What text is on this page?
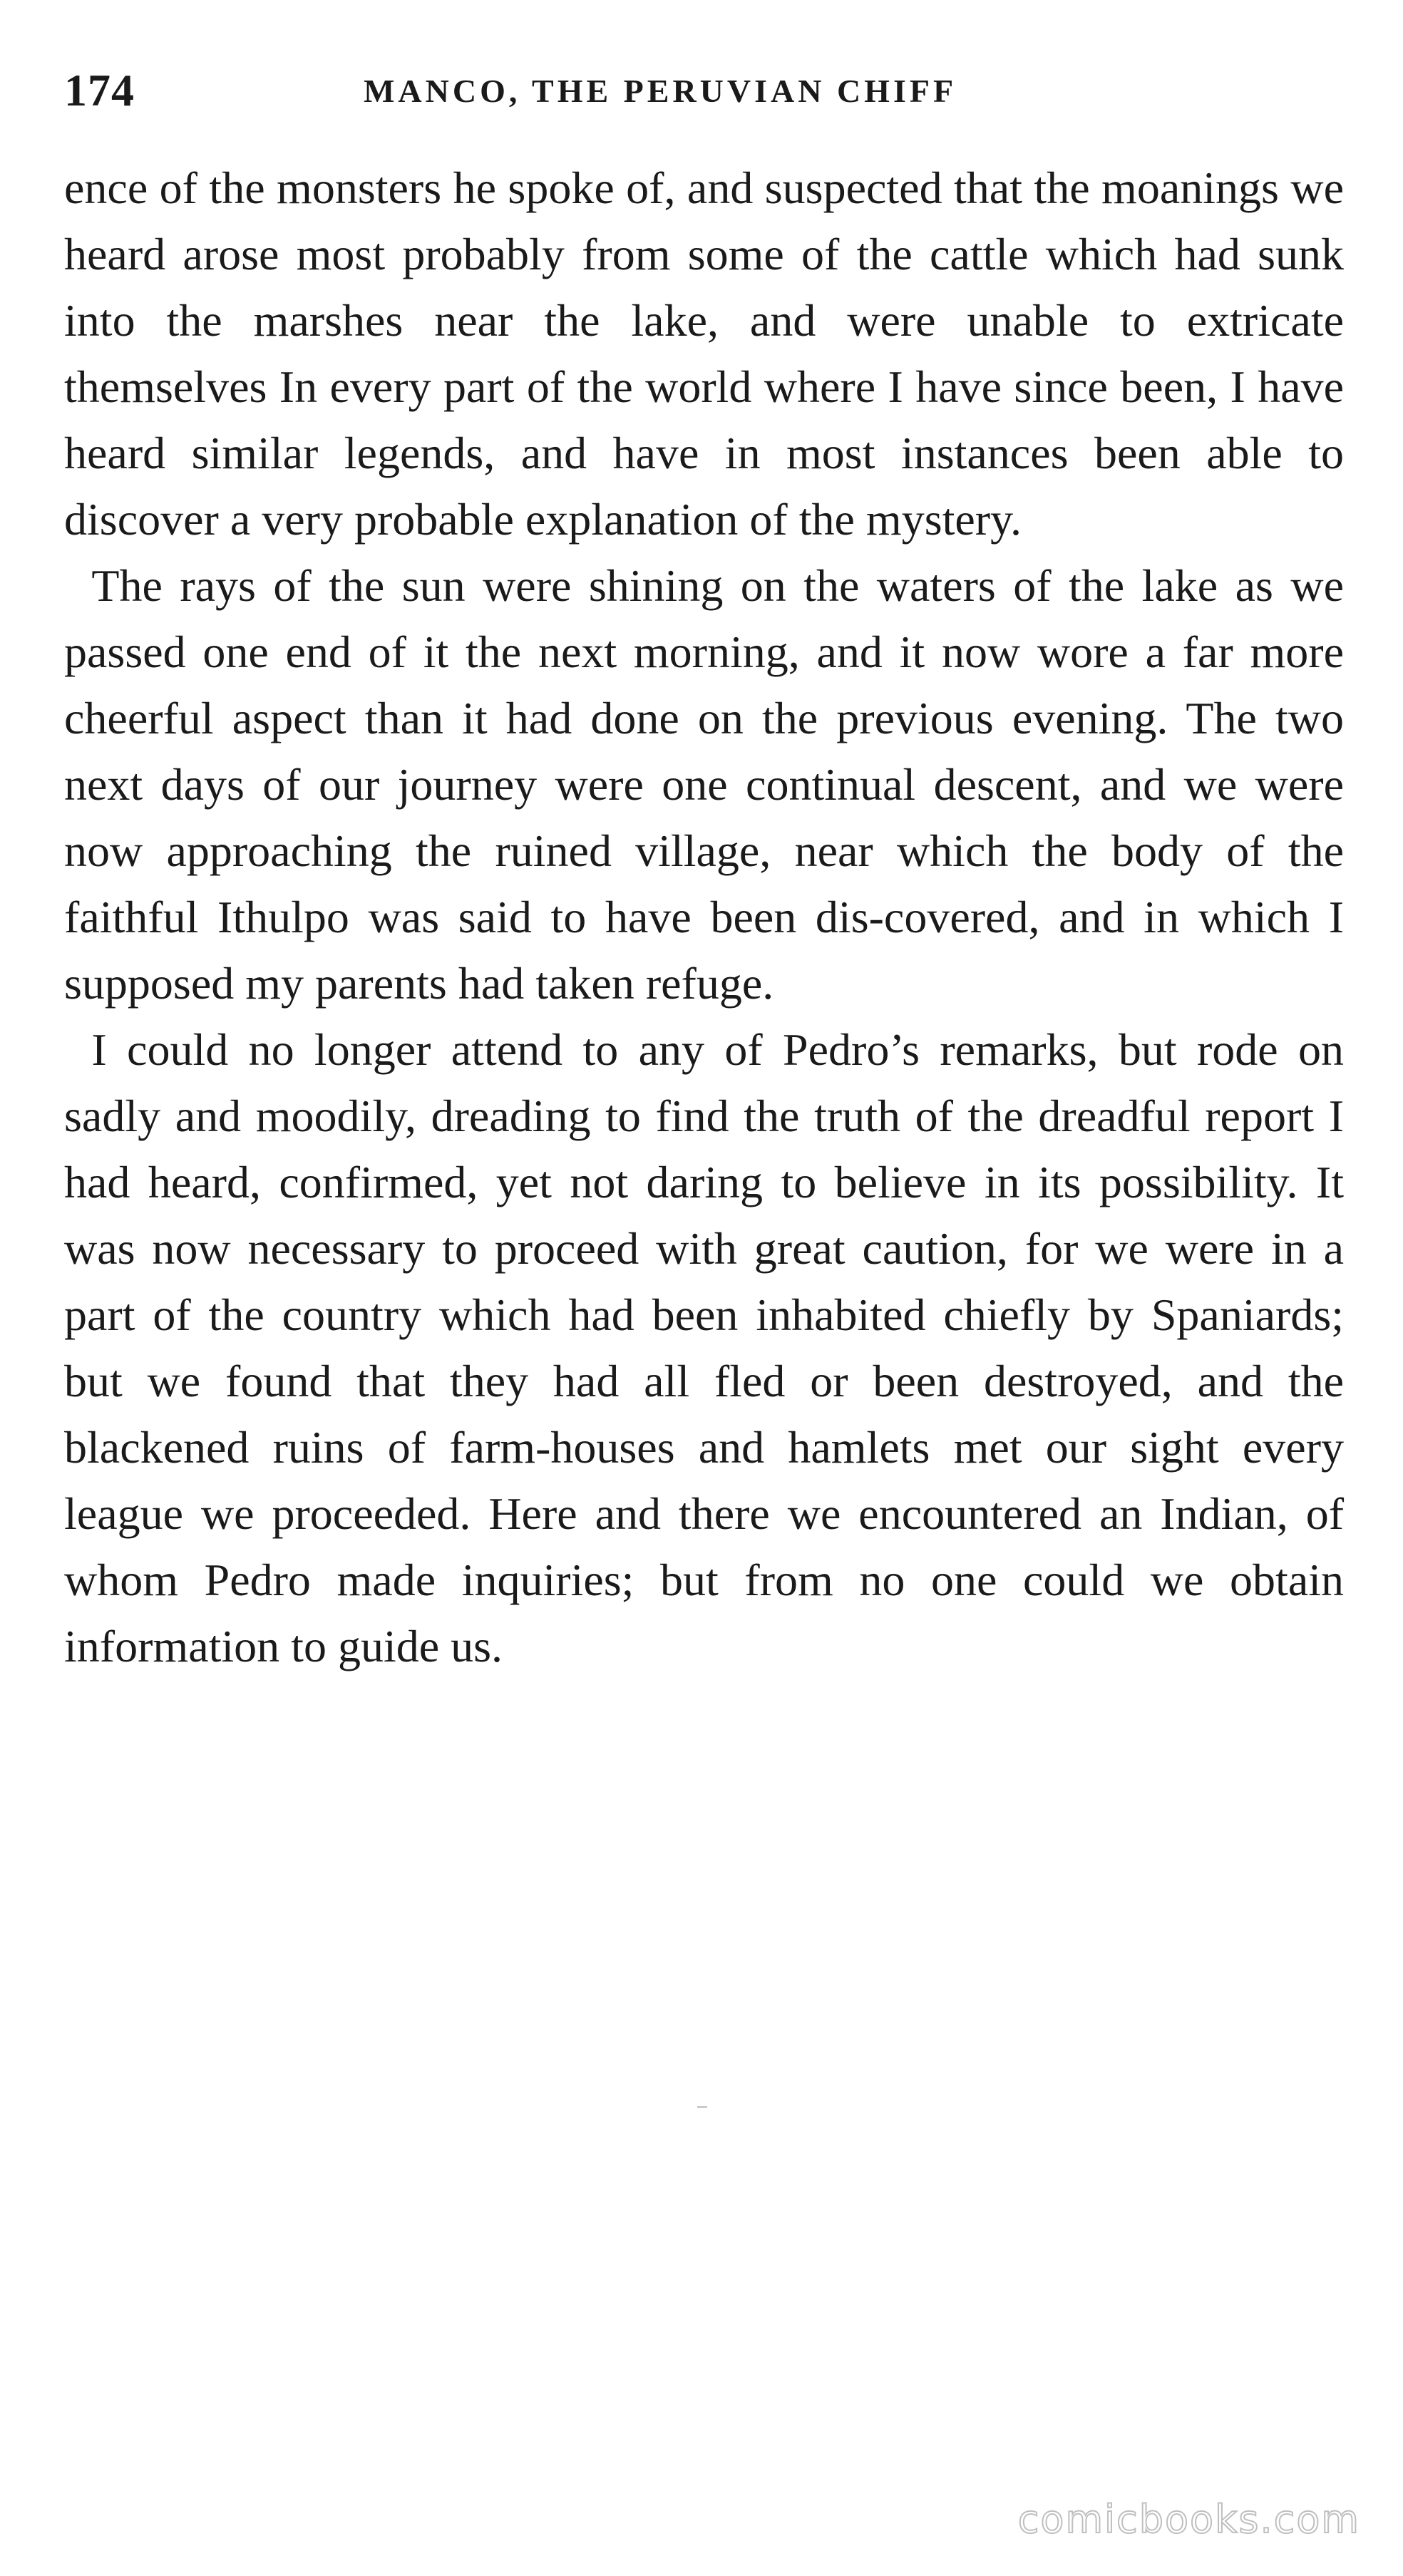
174	MANCO, THE PERUVIAN CHIFF

ence of the monsters he spoke of, and suspected that the moanings we heard arose most probably from some of the cattle which had sunk into the marshes near the lake, and were unable to extricate themselves In every part of the world where I have since been, I have heard similar legends, and have in most instances been able to discover a very probable explanation of the mystery.

The rays of the sun were shining on the waters of the lake as we passed one end of it the next morning, and it now wore a far more cheerful aspect than it had done on the previous evening. The two next days of our journey were one continual descent, and we were now approaching the ruined village, near which the body of the faithful Ithulpo was said to have been dis-covered, and in which I supposed my parents had taken refuge.

I could no longer attend to any of Pedro’s remarks, but rode on sadly and moodily, dreading to find the truth of the dreadful report I had heard, confirmed, yet not daring to believe in its possibility. It was now necessary to proceed with great caution, for we were in a part of the country which had been inhabited chiefly by Spaniards; but we found that they had all fled or been destroyed, and the blackened ruins of farm-houses and hamlets met our sight every league we proceeded. Here and there we encountered an Indian, of whom Pedro made inquiries; but from no one could we obtain information to guide us.

comicbooks.com
